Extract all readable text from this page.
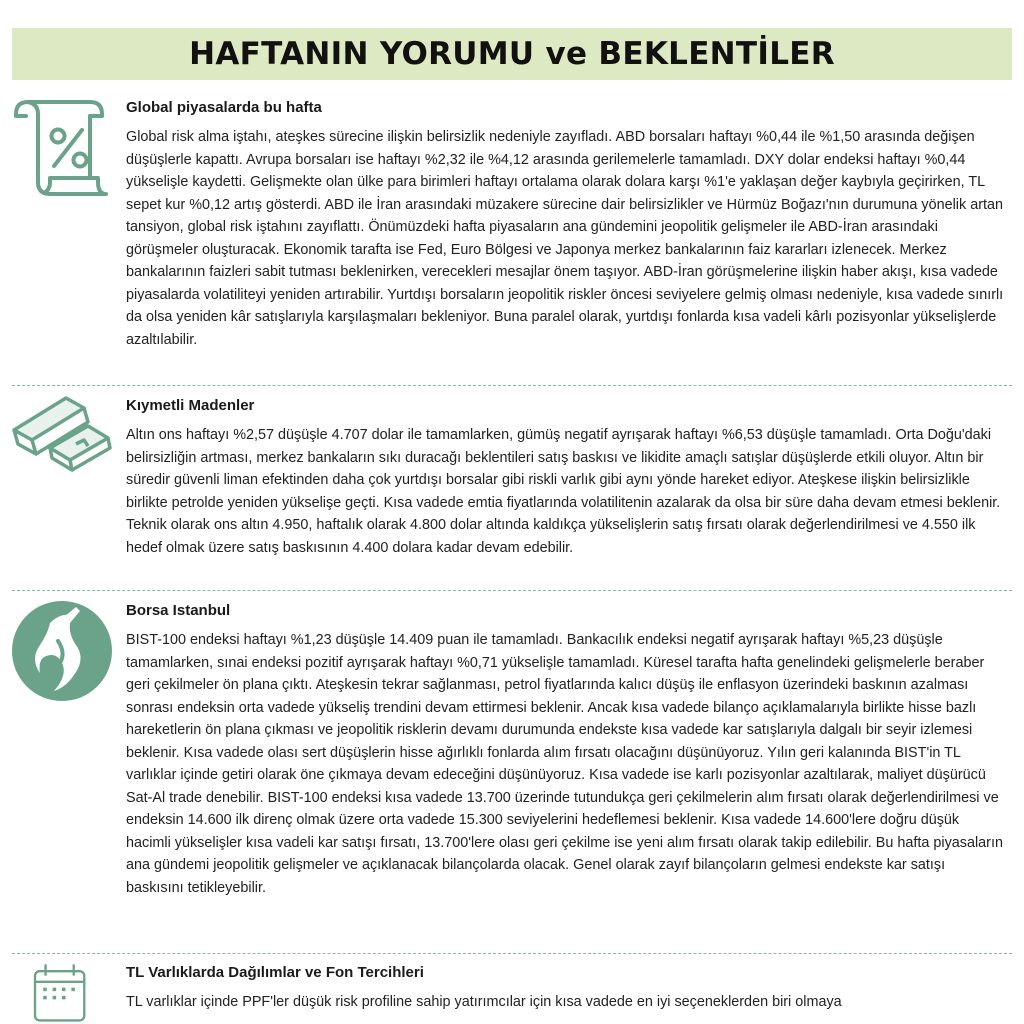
HAFTANIN YORUMU ve BEKLENTİLER
Global piyasalarda bu hafta

Global risk alma iştahı, ateşkes sürecine ilişkin belirsizlik nedeniyle zayıfladı. ABD borsaları haftayı %0,44 ile %1,50 arasında değişen düşüşlerle kapattı. Avrupa borsaları ise haftayı %2,32 ile %4,12 arasında gerilemelerle tamamladı. DXY dolar endeksi haftayı %0,44 yükselişle kaydetti. Gelişmekte olan ülke para birimleri haftayı ortalama olarak dolara karşı %1'e yaklaşan değer kaybıyla geçirirken, TL sepet kur %0,12 artış gösterdi. ABD ile İran arasındaki müzakere sürecine dair belirsizlikler ve Hürmüz Boğazı'nın durumuna yönelik artan tansiyon, global risk iştahını zayıflattı. Önümüzdeki hafta piyasaların ana gündemini jeopolitik gelişmeler ile ABD-İran arasındaki görüşmeler oluşturacak. Ekonomik tarafta ise Fed, Euro Bölgesi ve Japonya merkez bankalarının faiz kararları izlenecek. Merkez bankalarının faizleri sabit tutması beklenirken, verecekleri mesajlar önem taşıyor. ABD-İran görüşmelerine ilişkin haber akışı, kısa vadede piyasalarda volatiliteyi yeniden artırabilir. Yurtdışı borsaların jeopolitik riskler öncesi seviyelere gelmiş olması nedeniyle, kısa vadede sınırlı da olsa yeniden kâr satışlarıyla karşılaşmaları bekleniyor. Buna paralel olarak, yurtdışı fonlarda kısa vadeli kârlı pozisyonlar yükselişlerde azaltılabilir.

Kıymetli Madenler

Altın ons haftayı %2,57 düşüşle 4.707 dolar ile tamamlarken, gümüş negatif ayrışarak haftayı %6,53 düşüşle tamamladı. Orta Doğu'daki belirsizliğin artması, merkez bankaların sıkı duracağı beklentileri satış baskısı ve likidite amaçlı satışlar düşüşlerde etkili oluyor. Altın bir süredir güvenli liman efektinden daha çok yurtdışı borsalar gibi riskli varlık gibi aynı yönde hareket ediyor. Ateşkese ilişkin belirsizlikle birlikte petrolde yeniden yükselişe geçti. Kısa vadede emtia fiyatlarında volatilitenin azalarak da olsa bir süre daha devam etmesi beklenir. Teknik olarak ons altın 4.950, haftalık olarak 4.800 dolar altında kaldıkça yükselişlerin satış fırsatı olarak değerlendirilmesi ve 4.550 ilk hedef olmak üzere satış baskısının 4.400 dolara kadar devam edebilir.

Borsa Istanbul

BIST-100 endeksi haftayı %1,23 düşüşle 14.409 puan ile tamamladı. Bankacılık endeksi negatif ayrışarak haftayı %5,23 düşüşle tamamlarken, sınai endeksi pozitif ayrışarak haftayı %0,71 yükselişle tamamladı. Küresel tarafta hafta genelindeki gelişmelerle beraber geri çekilmeler ön plana çıktı. Ateşkesin tekrar sağlanması, petrol fiyatlarında kalıcı düşüş ile enflasyon üzerindeki baskının azalması sonrası endeksin orta vadede yükseliş trendini devam ettirmesi beklenir. Ancak kısa vadede bilanço açıklamalarıyla birlikte hisse bazlı hareketlerin ön plana çıkması ve jeopolitik risklerin devamı durumunda endekste kısa vadede kar satışlarıyla dalgalı bir seyir izlemesi beklenir. Kısa vadede olası sert düşüşlerin hisse ağırlıklı fonlarda alım fırsatı olacağını düşünüyoruz. Yılın geri kalanında BIST'in TL varlıklar içinde getiri olarak öne çıkmaya devam edeceğini düşünüyoruz. Kısa vadede ise karlı pozisyonlar azaltılarak, maliyet düşürücü Sat-Al trade denebilir. BIST-100 endeksi kısa vadede 13.700 üzerinde tutundukça geri çekilmelerin alım fırsatı olarak değerlendirilmesi ve endeksin 14.600 ilk direnç olmak üzere orta vadede 15.300 seviyelerini hedeflemesi beklenir. Kısa vadede 14.600'lere doğru düşük hacimli yükselişler kısa vadeli kar satışı fırsatı, 13.700'lere olası geri çekilme ise yeni alım fırsatı olarak takip edilebilir. Bu hafta piyasaların ana gündemi jeopolitik gelişmeler ve açıklanacak bilançolarda olacak. Genel olarak zayıf bilançoların gelmesi endekste kar satışı baskısını tetikleyebilir.

TL Varlıklarda Dağılımlar ve Fon Tercihleri

TL varlıklar içinde PPF'ler düşük risk profiline sahip yatırımcılar için kısa vadede en iyi seçeneklerden biri olmaya
